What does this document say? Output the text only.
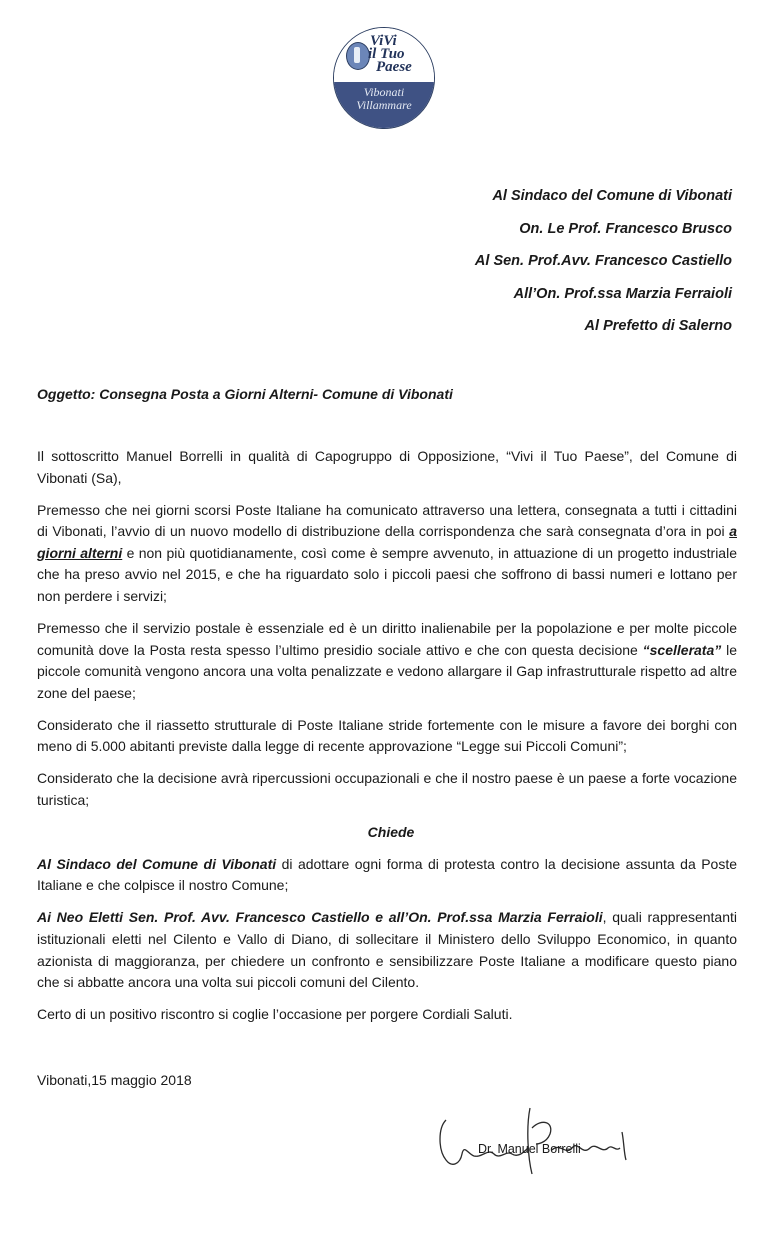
ViVi
il Tuo
Paese
Vibonati
Villammare
Al Sindaco del Comune di Vibonati
On. Le Prof. Francesco Brusco
Al Sen. Prof.Avv. Francesco Castiello
All’On. Prof.ssa Marzia Ferraioli
Al Prefetto di Salerno
Oggetto: Consegna Posta a Giorni Alterni- Comune di Vibonati

Il sottoscritto Manuel Borrelli in qualità di Capogruppo di Opposizione, “Vivi il Tuo Paese”, del Comune di Vibonati (Sa),

Premesso che nei giorni scorsi Poste Italiane ha comunicato attraverso una lettera, consegnata a tutti i cittadini di Vibonati, l’avvio di un nuovo modello di distribuzione della corrispondenza che sarà consegnata d’ora in poi a giorni alterni e non più quotidianamente, così come è sempre avvenuto, in attuazione di un progetto industriale che ha preso avvio nel 2015, e che ha riguardato solo i piccoli paesi che soffrono di bassi numeri e lottano per non perdere i servizi;

Premesso che il servizio postale è essenziale ed è un diritto inalienabile per la popolazione e per molte piccole comunità dove la Posta resta spesso l’ultimo presidio sociale attivo e che con questa decisione “scellerata” le piccole comunità vengono ancora una volta penalizzate e vedono allargare il Gap infrastrutturale rispetto ad altre zone del paese;

Considerato che il riassetto strutturale di Poste Italiane stride fortemente con le misure a favore dei borghi con meno di 5.000 abitanti previste dalla legge di recente approvazione “Legge sui Piccoli Comuni”;

Considerato che la decisione avrà ripercussioni occupazionali e che il nostro paese è un paese a forte vocazione turistica;

Chiede

Al Sindaco del Comune di Vibonati di adottare ogni forma di protesta contro la decisione assunta da Poste Italiane e che colpisce il nostro Comune;

Ai Neo Eletti Sen. Prof. Avv. Francesco Castiello e all’On. Prof.ssa Marzia Ferraioli, quali rappresentanti istituzionali eletti nel Cilento e Vallo di Diano, di sollecitare il Ministero dello Sviluppo Economico, in quanto azionista di maggioranza, per chiedere un confronto e sensibilizzare Poste Italiane a modificare questo piano che si abbatte ancora una volta sui piccoli comuni del Cilento.

Certo di un positivo riscontro si coglie l’occasione per porgere Cordiali Saluti.

Vibonati,15 maggio 2018
Dr. Manuel Borrelli
